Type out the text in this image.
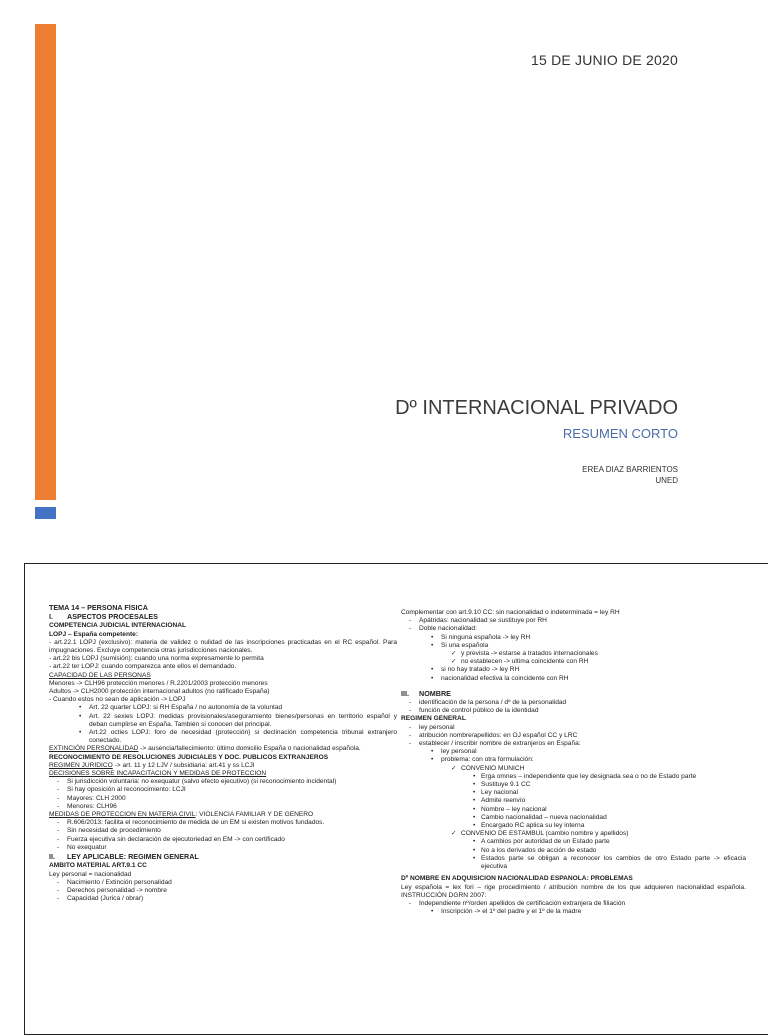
15 DE JUNIO DE 2020
Dº INTERNACIONAL PRIVADO
RESUMEN CORTO
EREA DIAZ BARRIENTOS
UNED
TEMA 14 – PERSONA FÍSICA
I.	ASPECTOS PROCESALES
COMPETENCIA JUDICIAL INTERNACIONAL
LOPJ – España competente:
- art.22.1 LOPJ (exclusivo): materia de validez o nulidad de las inscripciones practicadas en el RC español. Para impugnaciones. Excluye competencia otras jurisdicciones nacionales.
- art.22 bis LOPJ (sumisión): cuando una norma expresamente lo permita
- art.22 ter LOPJ: cuando comparezca ante ellos el demandado.
CAPACIDAD DE LAS PERSONAS
Menores -> CLH96 protección menores / R.2201/2003 protección menores
Adultos -> CLH2000 protección internacional adultos (no ratificado España)
- Cuando estos no sean de aplicación -> LOPJ
• Art. 22 quarter LOPJ: si RH España / no autonomía de la voluntad
• Art. 22 sexies LOPJ: medidas provisionales/aseguramiento bienes/personas en territorio español y deban cumplirse en España. También si conocen del principal.
• Art.22 octies LOPJ: foro de necesidad (protección) si declinación competencia tribunal extranjero conectado.
EXTINCIÓN PERSONALIDAD -> ausencia/fallecimiento: último domicilio España o nacionalidad española.
RECONOCIMIENTO DE RESOLUCIONES JUDICIALES Y DOC. PÚBLICOS EXTRANJEROS
REGIMEN JURÍDICO -> art. 11 y 12 LJV / subsidiaria: art.41 y ss LCJI
DECISIONES SOBRE INCAPACITACIÓN Y MEDIDAS DE PROTECCIÓN
- Si jurisdicción voluntaria: no exequatur (salvo efecto ejecutivo) (si reconocimiento incidental)
- Si hay oposición al reconocimiento: LCJI
- Mayores: CLH 2000
- Menores: CLH96
MEDIDAS DE PROTECCIÓN EN MATERIA CIVIL: VIOLENCIA FAMILIAR Y DE GENERO
- R.606/2013: facilita el reconocimiento de medida de un EM si existen motivos fundados.
- Sin necesidad de procedimiento
- Fuerza ejecutiva sin declaración de ejecutoriedad en EM -> con certificado
- No exequatur
II.	LEY APLICABLE: REGIMEN GENERAL
AMBITO MATERIAL ART.9.1 CC
Ley personal = nacionalidad
- Nacimiento / Extinción personalidad
- Derechos personalidad -> nombre
- Capacidad (Jurica / obrar)
Complementar con art.9.10 CC: sin nacionalidad o indeterminada = ley RH
- Apátridas: nacionalidad se sustituye por RH
- Doble nacionalidad:
• Si ninguna española -> ley RH
• Si una española
✓ y prevista -> estarse a tratados internacionales
✓ no establecen -> ultima coincidente con RH
• si no hay tratado -> ley RH
• nacionalidad efectiva la coincidente con RH
III.	NOMBRE
- identificación de la persona / dº de la personalidad
- función de control público de la identidad
REGIMEN GENERAL
- ley personal
- atribución nombre/apellidos: en OJ español CC y LRC
- establecer / inscribir nombre de extranjeros en España:
• ley personal
• problema: con otra formulación:
✓ CONVENIO MUNICH
• Erga omnes – independiente que ley designada sea o no de Estado parte
• Sustituye 9.1 CC
• Ley nacional
• Admite reenvío
• Nombre – ley nacional
• Cambio nacionalidad – nueva nacionalidad
• Encargado RC aplica su ley interna
✓ CONVENIO DE ESTAMBUL (cambio nombre y apellidos)
• A cambios por autoridad de un Estado parte
• No a los derivados de acción de estado
• Estados parte se obligan a reconocer los cambios de otro Estado parte -> eficacia ejecutiva
Dº NOMBRE EN ADQUISICIÓN NACIONALIDAD ESPAÑOLA: PROBLEMAS
Ley española = lex fori – rige procedimiento / atribución nombre de los que adquieren nacionalidad española. INSTRUCCIÓN DGRN 2007:
- Independiente nº/orden apellidos de certificación extranjera de filiación
• Inscripción -> el 1º del padre y el 1º de la madre
